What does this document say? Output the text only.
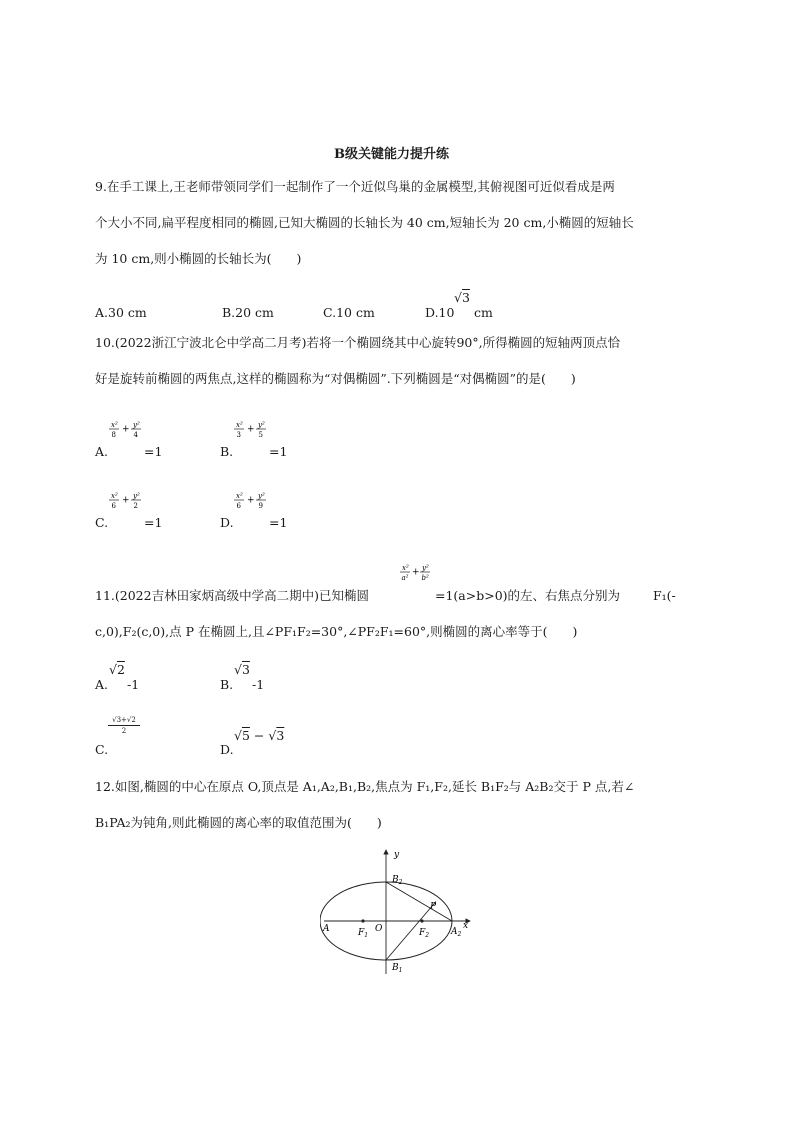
B级关键能力提升练
9.在手工课上,王老师带领同学们一起制作了一个近似鸟巢的金属模型,其俯视图可近似看成是两
个大小不同,扁平程度相同的椭圆,已知大椭圆的长轴长为 40 cm,短轴长为 20 cm,小椭圆的短轴长
为 10 cm,则小椭圆的长轴长为(　　)
A.30 cm	B.20 cm	C.10 cm	D.10
√3
cm
10.(2022浙江宁波北仑中学高二月考)若将一个椭圆绕其中心旋转90°,所得椭圆的短轴两顶点恰
好是旋转前椭圆的两焦点,这样的椭圆称为“对偶椭圆”.下列椭圆是“对偶椭圆”的是(　　)
A.
x²
8
+ y²
4
=1	B.
x²
3
+ y²
5
=1
C.
x²
6
+ y²
2
=1	D.
x²
6
+ y²
9
=1
11.(2022吉林田家炳高级中学高二期中)已知椭圆
x²
a²
+ y²
b²
=1(a>b>0)的左、右焦点分别为	F₁(-
c,0),F₂(c,0),点 P 在椭圆上,且∠PF₁F₂=30°,∠PF₂F₁=60°,则椭圆的离心率等于(　　)
A.
√2
-1	B.
√3
-1
C.
$\frac{√3+√2}{2}$
D.
√5 − √3
12.如图,椭圆的中心在原点 O,顶点是 A₁,A₂,B₁,B₂,焦点为 F₁,F₂,延长 B₁F₂与 A₂B₂交于 P 点,若∠
B₁PA₂为钝角,则此椭圆的离心率的取值范围为(　　)
y
x
O
$B_2$
$B_1$
A	$A_2$
$F_1$	$F_2$
P
